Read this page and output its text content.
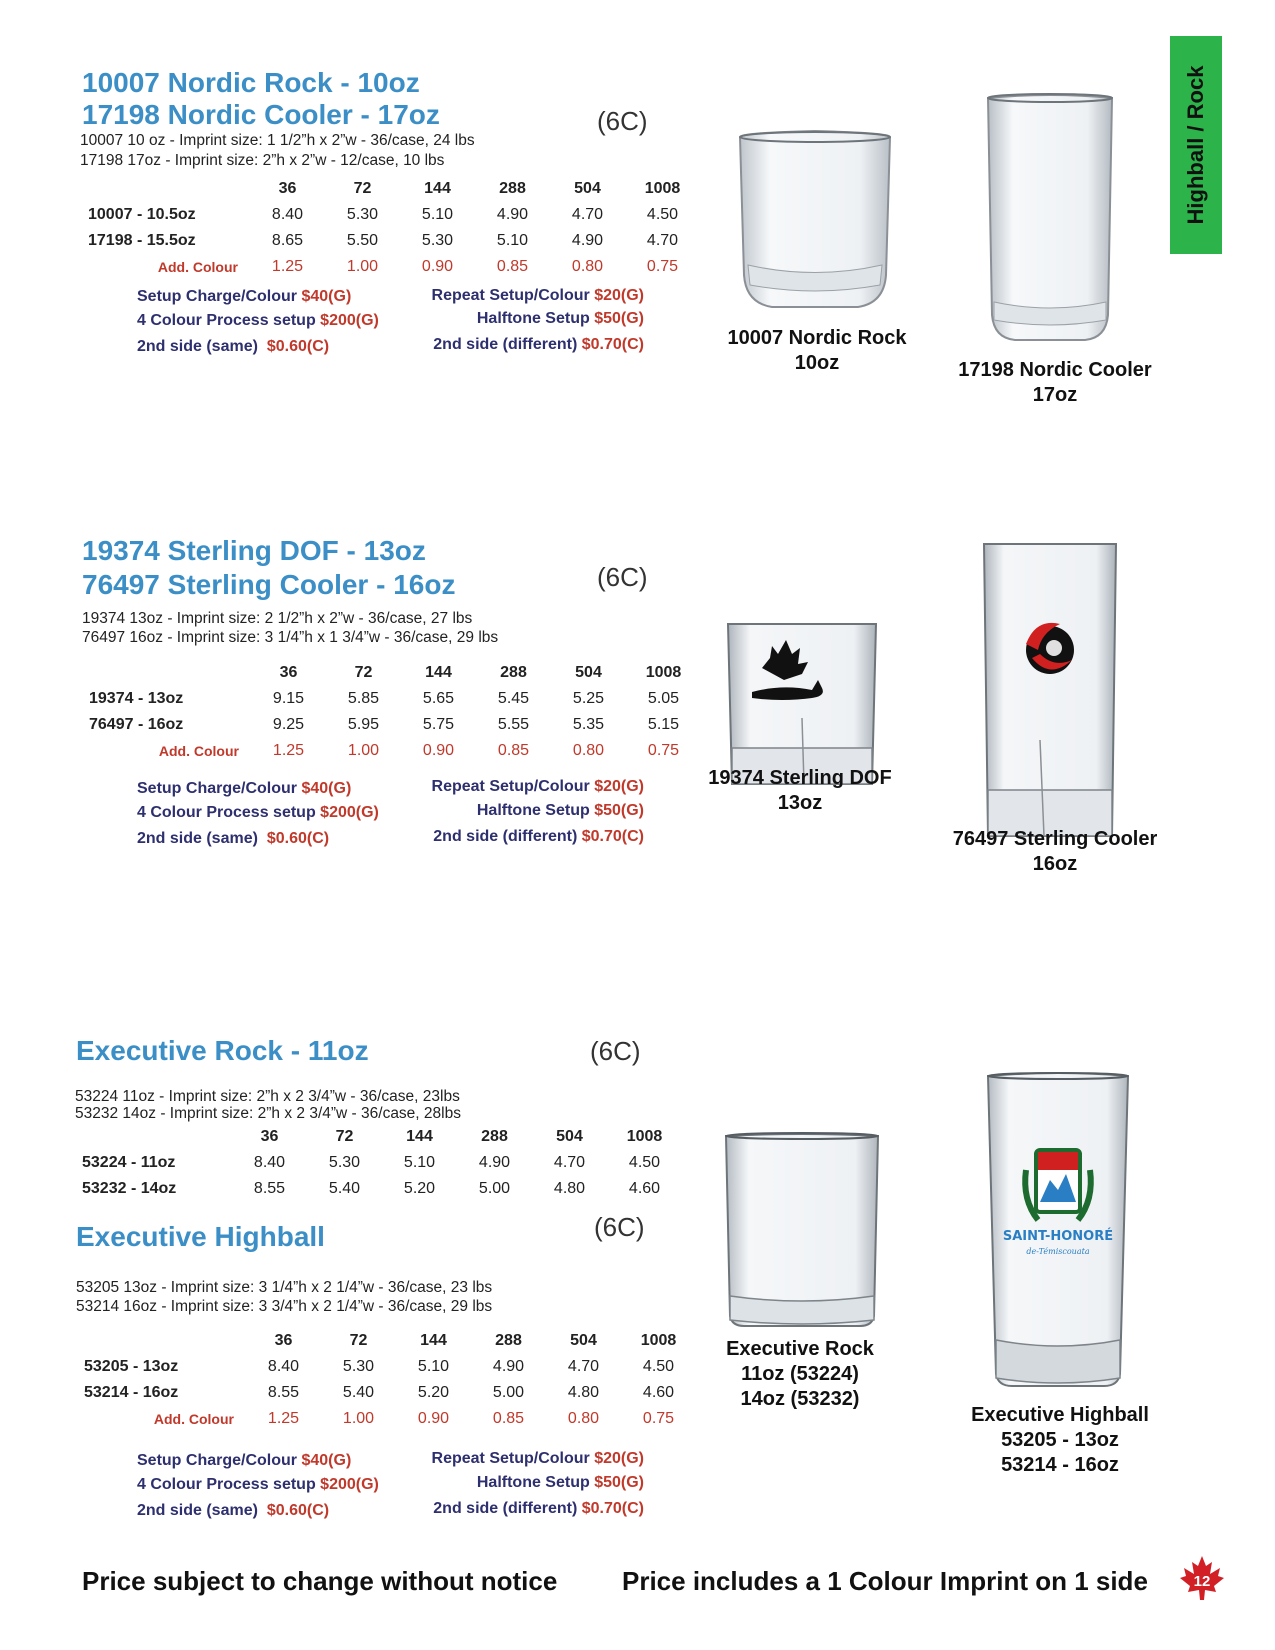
Highball / Rock
10007 Nordic Rock - 10oz
17198 Nordic Cooler - 17oz	(6C)
10007 10 oz - Imprint size: 1 1/2”h x 2”w - 36/case, 24 lbs
17198 17oz - Imprint size: 2”h x 2”w - 12/case, 10 lbs
	36	72	144	288	504	1008
10007 - 10.5oz	8.40	5.30	5.10	4.90	4.70	4.50
17198 - 15.5oz	8.65	5.50	5.30	5.10	4.90	4.70
Add. Colour	1.25	1.00	0.90	0.85	0.80	0.75
Setup Charge/Colour $40(G)
4 Colour Process setup $200(G)
2nd side (same) $0.60(C)
Repeat Setup/Colour $20(G)
Halftone Setup $50(G)
2nd side (different) $0.70(C)	10007 Nordic Rock
10oz	17198 Nordic Cooler
17oz
19374 Sterling DOF - 13oz
76497 Sterling Cooler - 16oz	(6C)
19374 13oz - Imprint size: 2 1/2”h x 2”w - 36/case, 27 lbs
76497 16oz - Imprint size: 3 1/4”h x 1 3/4”w - 36/case, 29 lbs
	36	72	144	288	504	1008
19374 - 13oz	9.15	5.85	5.65	5.45	5.25	5.05
76497 - 16oz	9.25	5.95	5.75	5.55	5.35	5.15
Add. Colour	1.25	1.00	0.90	0.85	0.80	0.75
Setup Charge/Colour $40(G)
4 Colour Process setup $200(G)
2nd side (same) $0.60(C)
Repeat Setup/Colour $20(G)
Halftone Setup $50(G)
2nd side (different) $0.70(C)
19374 Sterling DOF
13oz
76497 Sterling Cooler
16oz
Executive Rock - 11oz	(6C)
53224 11oz - Imprint size: 2”h x 2 3/4”w - 36/case, 23lbs
53232 14oz - Imprint size: 2”h x 2 3/4”w - 36/case, 28lbs
	36	72	144	288	504	1008
53224 - 11oz	8.40	5.30	5.10	4.90	4.70	4.50
53232 - 14oz	8.55	5.40	5.20	5.00	4.80	4.60
Executive Highball	(6C)
53205 13oz - Imprint size: 3 1/4”h x 2 1/4”w - 36/case, 23 lbs
53214 16oz - Imprint size: 3 3/4”h x 2 1/4”w - 36/case, 29 lbs
	36	72	144	288	504	1008
53205 - 13oz	8.40	5.30	5.10	4.90	4.70	4.50
53214 - 16oz	8.55	5.40	5.20	5.00	4.80	4.60
Add. Colour	1.25	1.00	0.90	0.85	0.80	0.75
Setup Charge/Colour $40(G)
4 Colour Process setup $200(G)
2nd side (same) $0.60(C)
Repeat Setup/Colour $20(G)
Halftone Setup $50(G)
2nd side (different) $0.70(C)
Executive Rock
11oz (53224)
14oz (53232)
SAINT-HONORÉ
de-Témiscouata
Executive Highball
53205 - 13oz
53214 - 16oz
Price subject to change without notice Price includes a 1 Colour Imprint on 1 side	12
